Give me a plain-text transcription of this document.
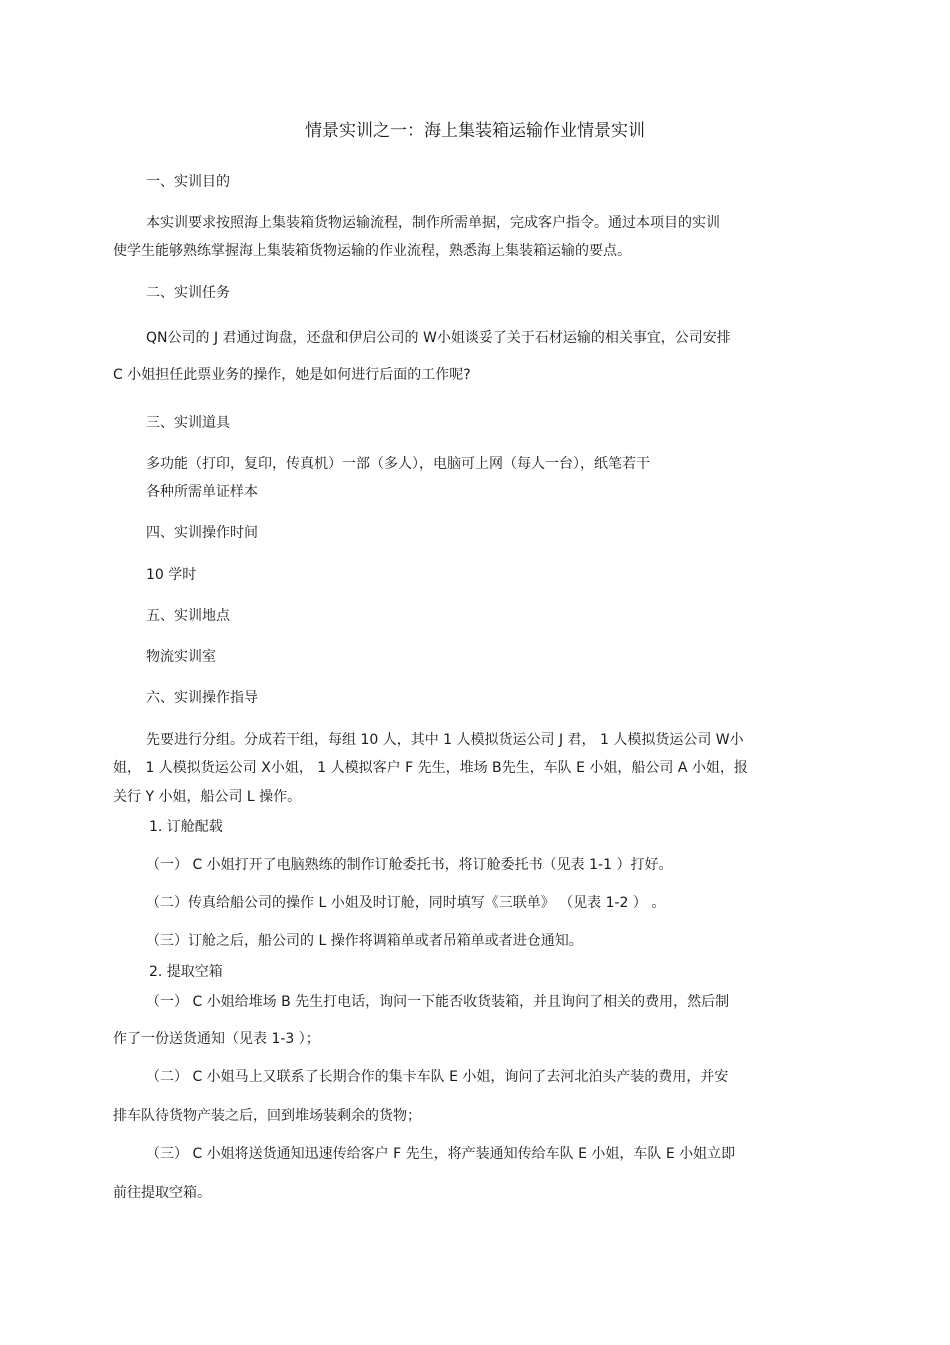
情景实训之一：海上集装箱运输作业情景实训
一、实训目的
本实训要求按照海上集装箱货物运输流程，制作所需单据，完成客户指令。通过本项目的实训
使学生能够熟练掌握海上集装箱货物运输的作业流程，熟悉海上集装箱运输的要点。
二、实训任务
QN公司的 J 君通过询盘，还盘和伊启公司的 W小姐谈妥了关于石材运输的相关事宜，公司安排
C 小姐担任此票业务的操作，她是如何进行后面的工作呢?
三、实训道具
多功能（打印，复印，传真机）一部（多人），电脑可上网（每人一台），纸笔若干
各种所需单证样本
四、实训操作时间
10 学时
五、实训地点
物流实训室
六、实训操作指导
先要进行分组。分成若干组，每组 10 人，其中 1 人模拟货运公司 J 君， 1 人模拟货运公司 W小
姐， 1 人模拟货运公司 X小姐， 1 人模拟客户 F 先生，堆场 B先生，车队 E 小姐，船公司 A 小姐，报
关行 Y 小姐，船公司 L 操作。
1. 订舱配载
（一） C 小姐打开了电脑熟练的制作订舱委托书，将订舱委托书（见表 1-1 ）打好。
（二）传真给船公司的操作 L 小姐及时订舱，同时填写《三联单》 （见表 1-2 ） 。
（三）订舱之后，船公司的 L 操作将调箱单或者吊箱单或者进仓通知。
2. 提取空箱
（一） C 小姐给堆场 B 先生打电话，询问一下能否收货装箱，并且询问了相关的费用，然后制
作了一份送货通知（见表 1-3 ）；
（二） C 小姐马上又联系了长期合作的集卡车队 E 小姐，询问了去河北泊头产装的费用，并安
排车队待货物产装之后，回到堆场装剩余的货物；
（三） C 小姐将送货通知迅速传给客户 F 先生，将产装通知传给车队 E 小姐，车队 E 小姐立即
前往提取空箱。
